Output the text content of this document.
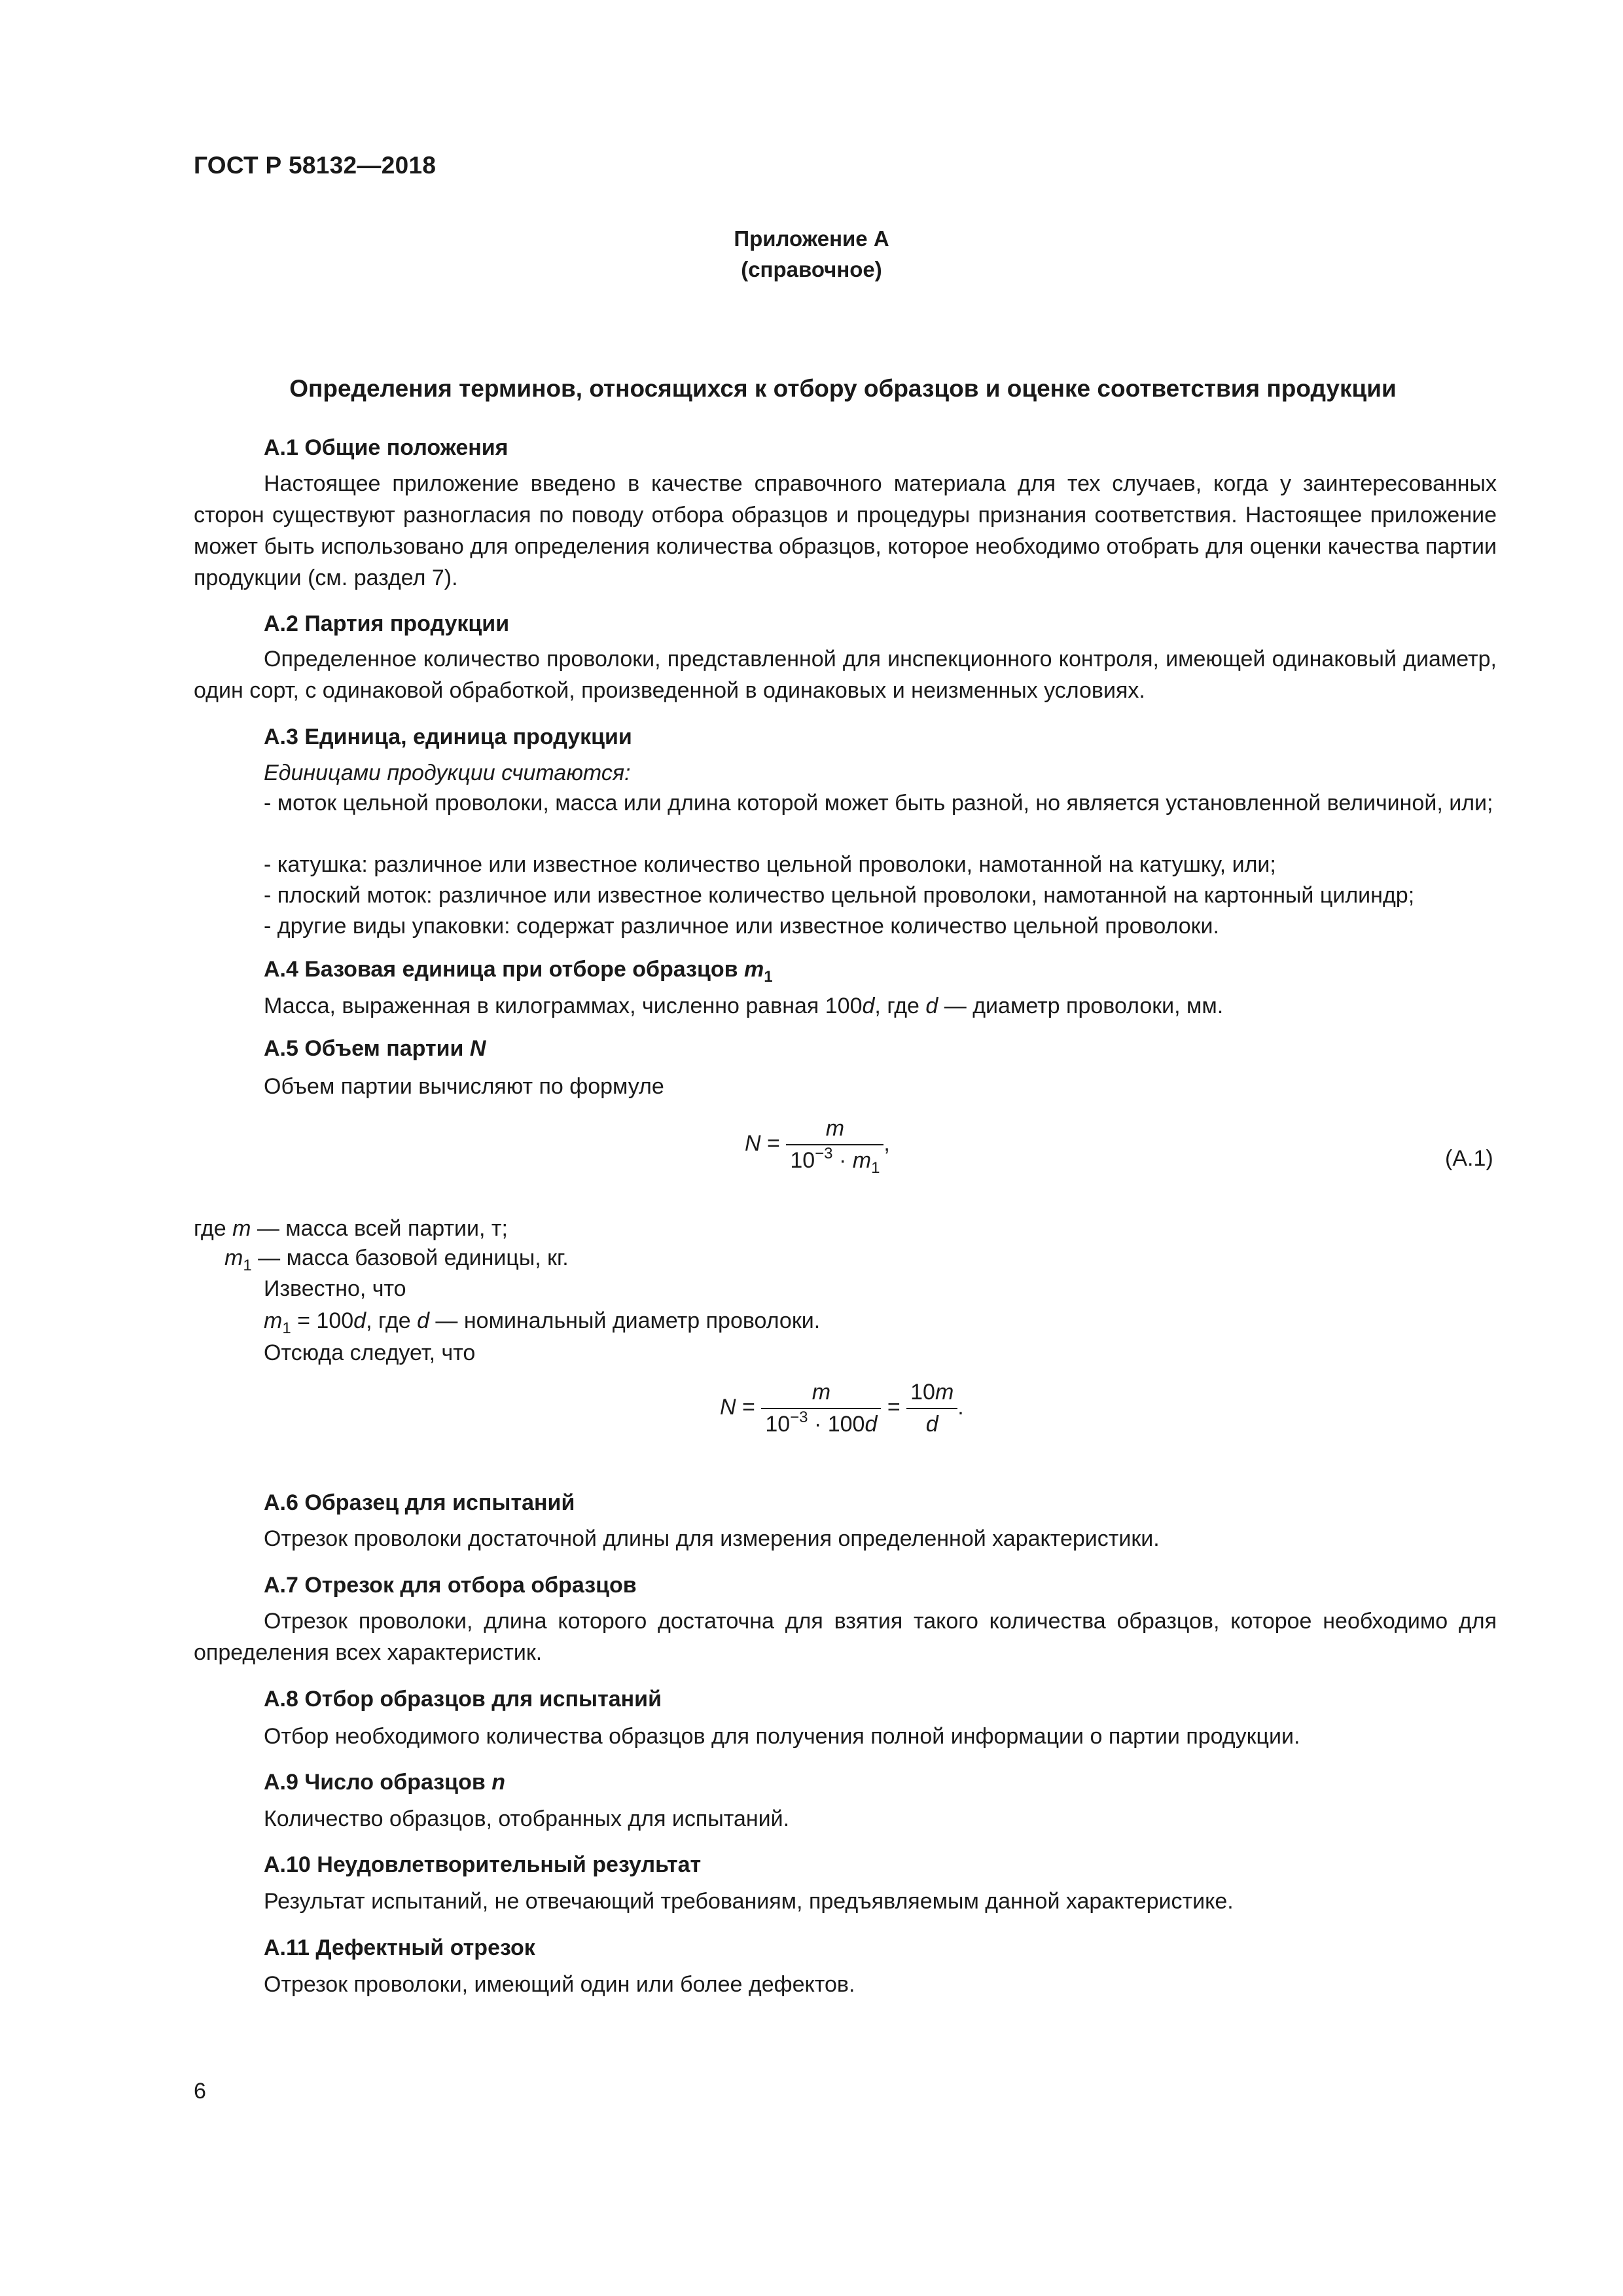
ГОСТ Р 58132—2018
Приложение А
(справочное)
Определения терминов, относящихся к отбору образцов и оценке соответствия продукции
А.1 Общие положения
Настоящее приложение введено в качестве справочного материала для тех случаев, когда у заинтересованных сторон существуют разногласия по поводу отбора образцов и процедуры признания соответствия. Настоящее приложение может быть использовано для определения количества образцов, которое необходимо отобрать для оценки качества партии продукции (см. раздел 7).
А.2 Партия продукции
Определенное количество проволоки, представленной для инспекционного контроля, имеющей одинаковый диаметр, один сорт, с одинаковой обработкой, произведенной в одинаковых и неизменных условиях.
А.3 Единица, единица продукции
Единицами продукции считаются:
- моток цельной проволоки, масса или длина которой может быть разной, но является установленной величиной, или;
- катушка: различное или известное количество цельной проволоки, намотанной на катушку, или;
- плоский моток: различное или известное количество цельной проволоки, намотанной на картонный цилиндр;
- другие виды упаковки: содержат различное или известное количество цельной проволоки.
А.4 Базовая единица при отборе образцов $m_1$
Масса, выраженная в килограммах, численно равная 100d, где d — диаметр проволоки, мм.
А.5 Объем партии N
Объем партии вычисляют по формуле
$N = \frac{m}{10^{-3} \cdot m_1}$ ,
(А.1)
где m — масса всей партии, т;
$m_1$ — масса базовой единицы, кг.
Известно, что
$m_1 = 100d$, где d — номинальный диаметр проволоки.
Отсюда следует, что
$N = \frac{m}{10^{-3} \cdot 100d} = \frac{10m}{d}$ .
А.6 Образец для испытаний
Отрезок проволоки достаточной длины для измерения определенной характеристики.
А.7 Отрезок для отбора образцов
Отрезок проволоки, длина которого достаточна для взятия такого количества образцов, которое необходимо для определения всех характеристик.
А.8 Отбор образцов для испытаний
Отбор необходимого количества образцов для получения полной информации о партии продукции.
А.9 Число образцов n
Количество образцов, отобранных для испытаний.
А.10 Неудовлетворительный результат
Результат испытаний, не отвечающий требованиям, предъявляемым данной характеристике.
А.11 Дефектный отрезок
Отрезок проволоки, имеющий один или более дефектов.
6
